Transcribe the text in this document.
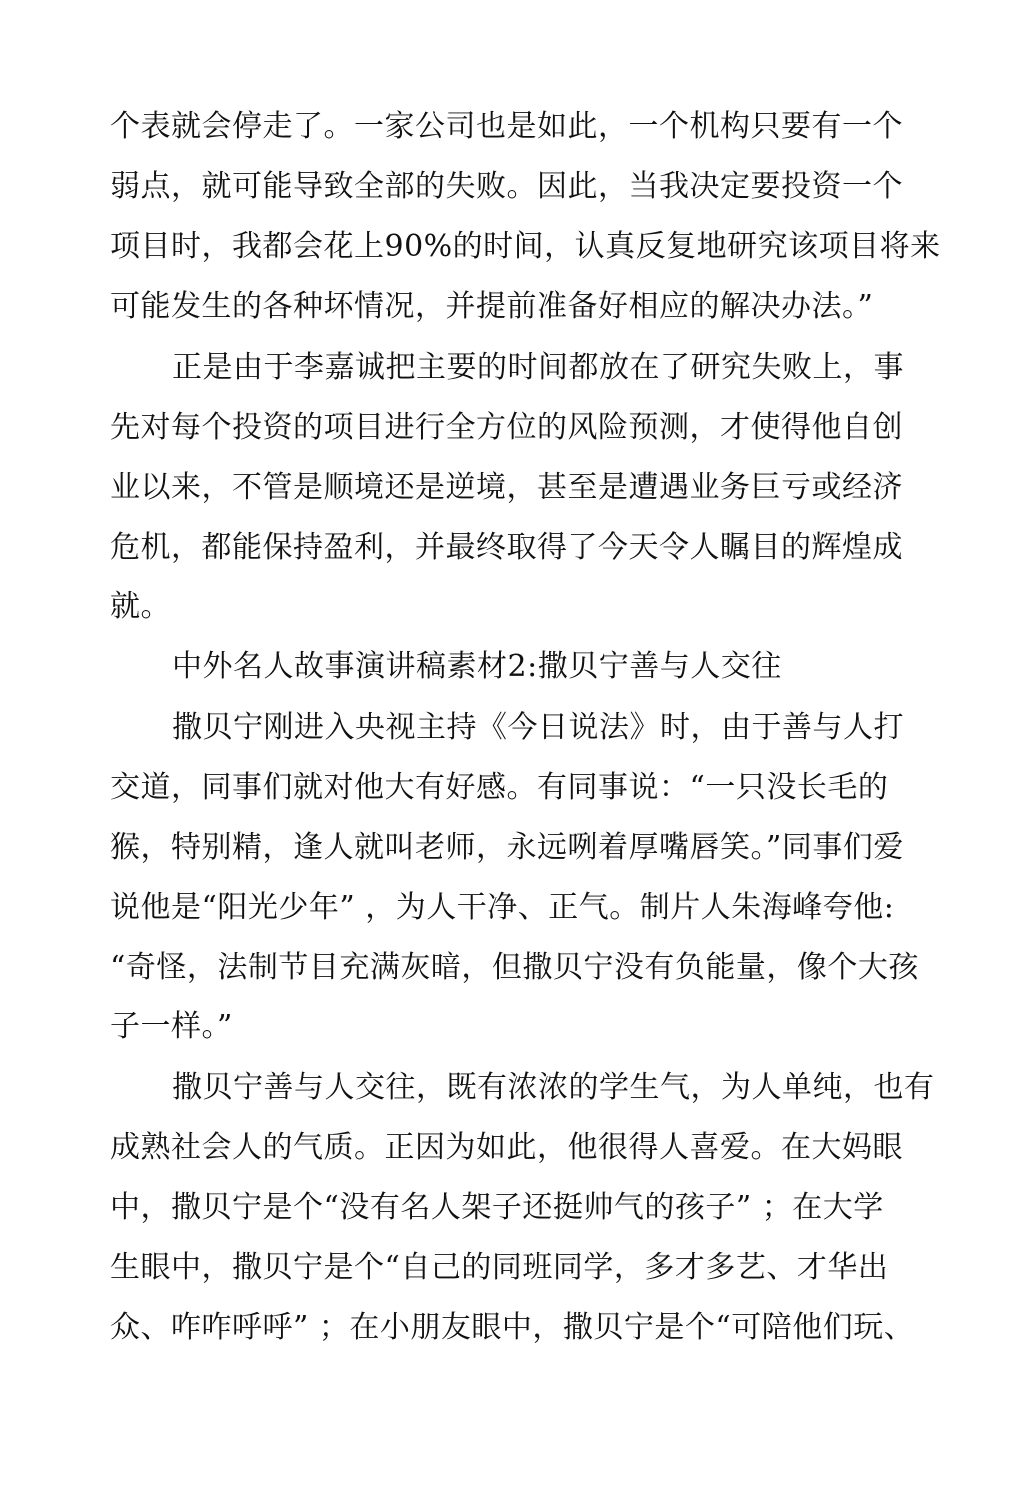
个表就会停走了。一家公司也是如此，一个机构只要有一个
弱点，就可能导致全部的失败。因此，当我决定要投资一个
项目时，我都会花上90%的时间，认真反复地研究该项目将来
可能发生的各种坏情况，并提前准备好相应的解决办法。”
正是由于李嘉诚把主要的时间都放在了研究失败上，事
先对每个投资的项目进行全方位的风险预测，才使得他自创
业以来，不管是顺境还是逆境，甚至是遭遇业务巨亏或经济
危机，都能保持盈利，并最终取得了今天令人瞩目的辉煌成
就。
中外名人故事演讲稿素材2:撒贝宁善与人交往
撒贝宁刚进入央视主持《今日说法》时，由于善与人打
交道，同事们就对他大有好感。有同事说：“一只没长毛的
猴，特别精，逢人就叫老师，永远咧着厚嘴唇笑。”同事们爱
说他是“阳光少年” ，为人干净、正气。制片人朱海峰夸他:
“奇怪，法制节目充满灰暗，但撒贝宁没有负能量，像个大孩
子一样。”
撒贝宁善与人交往，既有浓浓的学生气，为人单纯，也有
成熟社会人的气质。正因为如此，他很得人喜爱。在大妈眼
中，撒贝宁是个“没有名人架子还挺帅气的孩子” ；在大学
生眼中，撒贝宁是个“自己的同班同学，多才多艺、才华出
众、咋咋呼呼” ；在小朋友眼中，撒贝宁是个“可陪他们玩、
